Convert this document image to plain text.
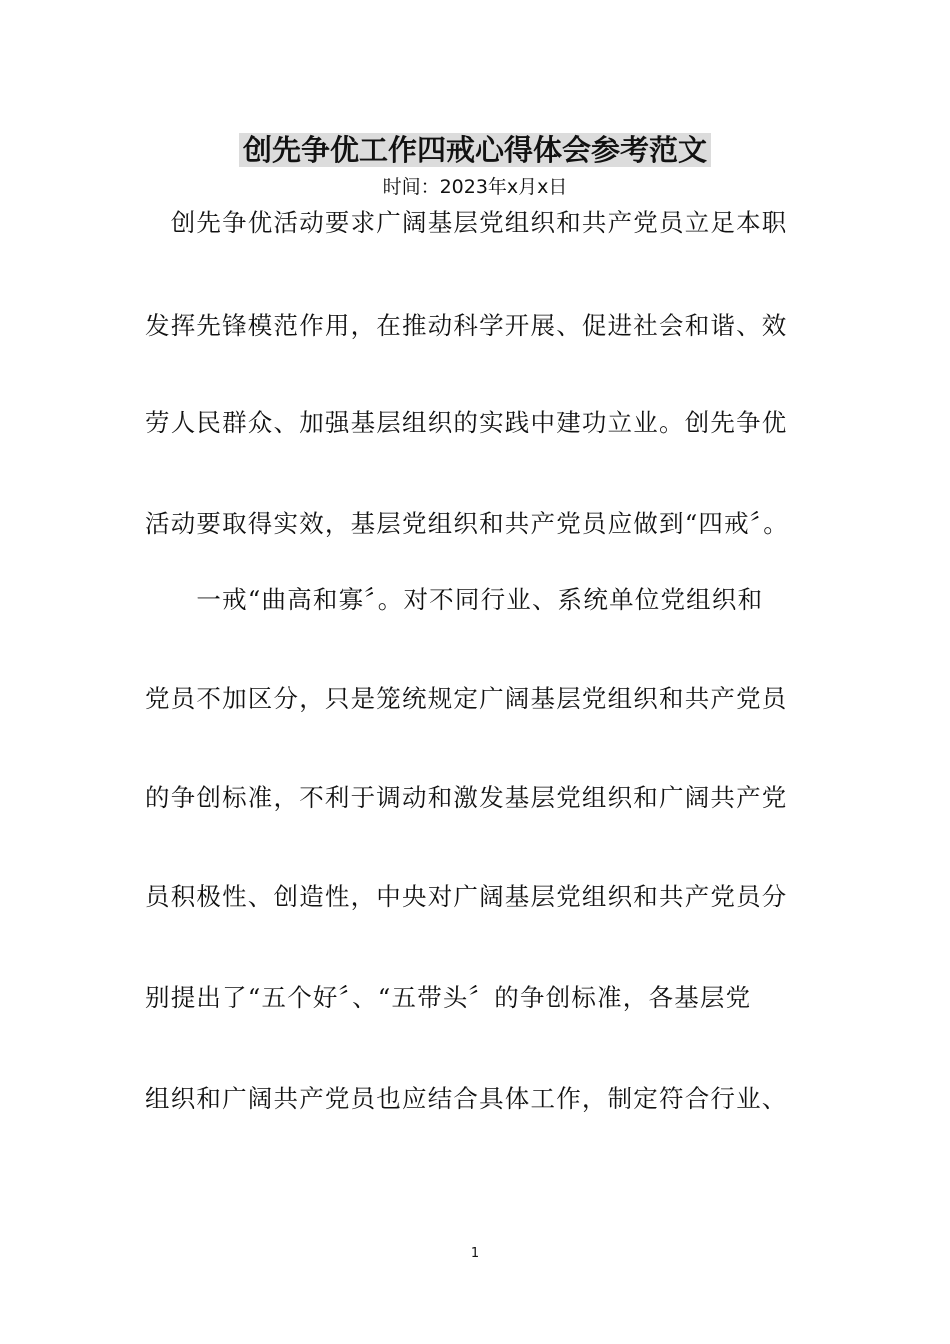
创先争优工作四戒心得体会参考范文
时间：2023年x月x日
　创先争优活动要求广阔基层党组织和共产党员立足本职
发挥先锋模范作用，在推动科学开展、促进社会和谐、效
劳人民群众、加强基层组织的实践中建功立业。创先争优
活动要取得实效，基层党组织和共产党员应做到“四戒〞。
　　一戒“曲高和寡〞。对不同行业、系统单位党组织和
党员不加区分，只是笼统规定广阔基层党组织和共产党员
的争创标准，不利于调动和激发基层党组织和广阔共产党
员积极性、创造性，中央对广阔基层党组织和共产党员分
别提出了“五个好〞、“五带头〞的争创标准，各基层党
组织和广阔共产党员也应结合具体工作，制定符合行业、
1
